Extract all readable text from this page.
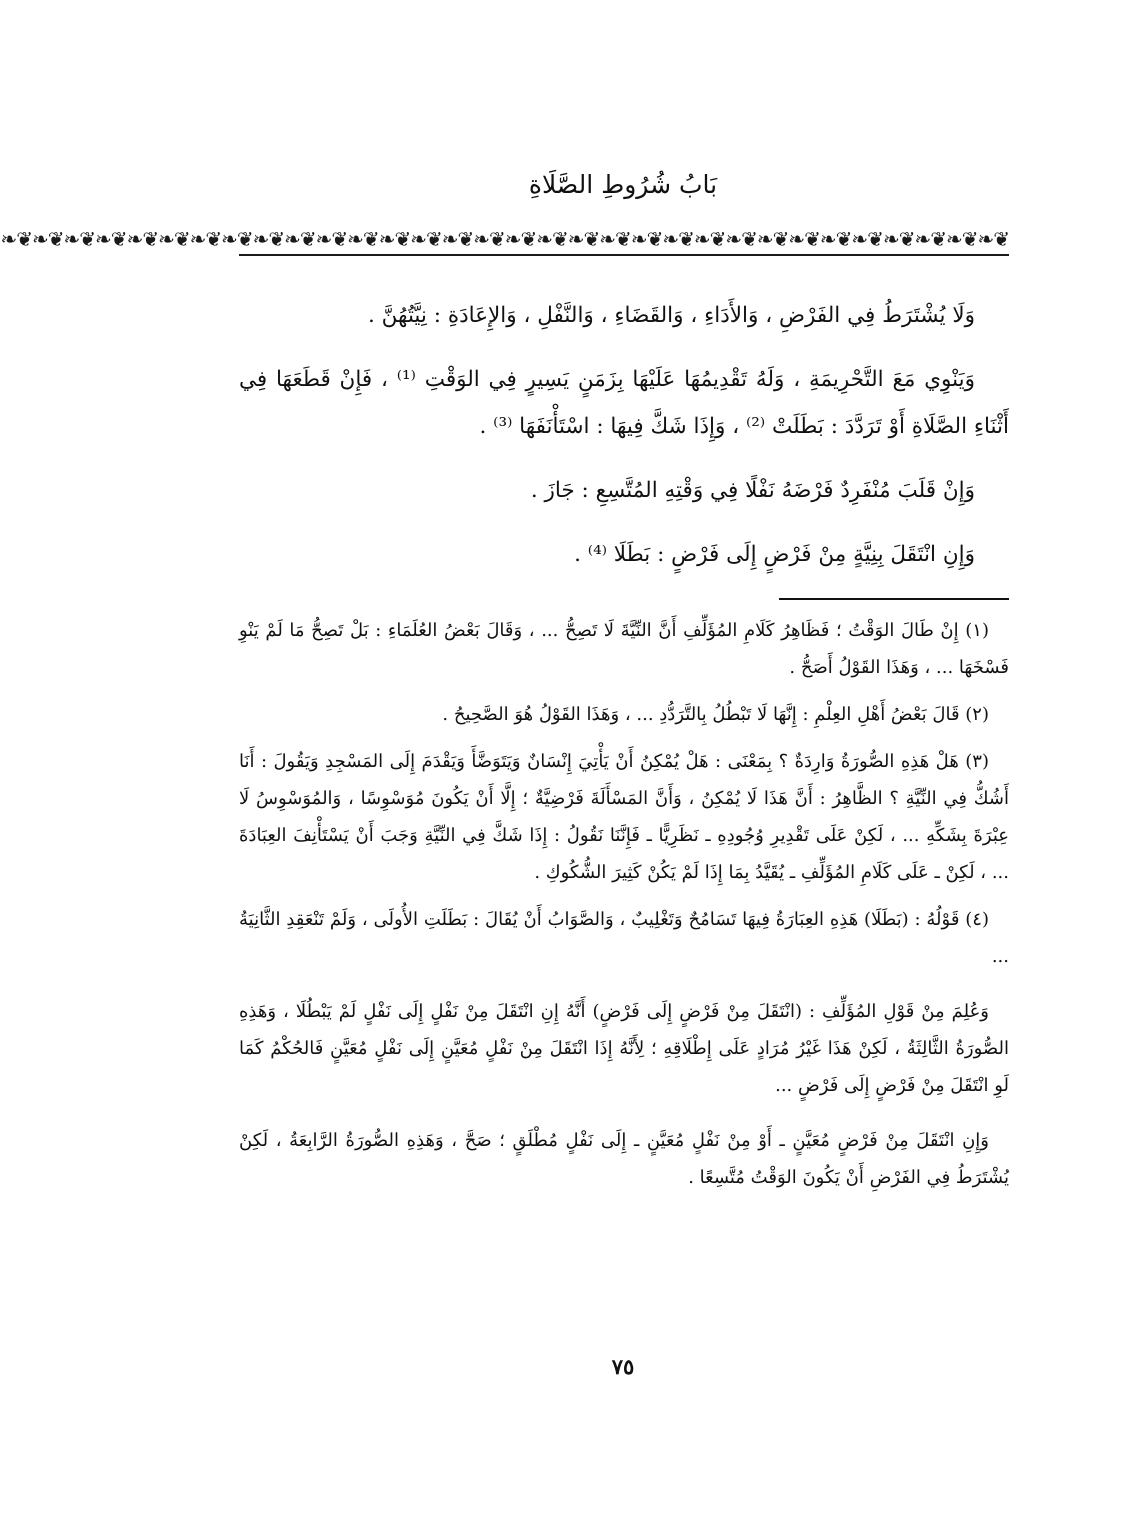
بَابُ شُرُوطِ الصَّلَاةِ
❦❧❦❧❦❧❦❧❦❧❦❧❦❧❦❧❦❧❦❧❦❧❦❧❦❧❦❧❦❧❦❧❦❧❦❧❦❧❦❧❦❧❦❧❦❧❦❧❦❧❦❧❦❧❦❧❦❧❦❧❦❧❦❧

وَلَا يُشْتَرَطُ فِي الفَرْضِ ، وَالأَدَاءِ ، وَالقَضَاءِ ، وَالنَّفْلِ ، وَالإِعَادَةِ : نِيَّتُهُنَّ .

وَيَنْوِي مَعَ التَّحْرِيمَةِ ، وَلَهُ تَقْدِيمُهَا عَلَيْهَا بِزَمَنٍ يَسِيرٍ فِي الوَقْتِ ⁽¹⁾ ، فَإِنْ قَطَعَهَا فِي أَثْنَاءِ الصَّلَاةِ أَوْ تَرَدَّدَ : بَطَلَتْ ⁽²⁾ ، وَإِذَا شَكَّ فِيهَا : اسْتَأْنَفَهَا ⁽³⁾ .

وَإِنْ قَلَبَ مُنْفَرِدٌ فَرْضَهُ نَفْلًا فِي وَقْتِهِ المُتَّسِعِ : جَازَ .

وَإِنِ انْتَقَلَ بِنِيَّةٍ مِنْ فَرْضٍ إِلَى فَرْضٍ : بَطَلَا ⁽⁴⁾ .

(١) إِنْ طَالَ الوَقْتُ ؛ فَظَاهِرُ كَلَامِ المُؤَلِّفِ أَنَّ النِّيَّةَ لَا تَصِحُّ ... ، وَقَالَ بَعْضُ العُلَمَاءِ : بَلْ تَصِحُّ مَا لَمْ يَنْوِ فَسْخَهَا ... ، وَهَذَا القَوْلُ أَصَحُّ .

(٢) قَالَ بَعْضُ أَهْلِ العِلْمِ : إِنَّهَا لَا تَبْطُلُ بِالتَّرَدُّدِ ... ، وَهَذَا القَوْلُ هُوَ الصَّحِيحُ .

(٣) هَلْ هَذِهِ الصُّورَةُ وَارِدَةٌ ؟ بِمَعْنَى : هَلْ يُمْكِنُ أَنْ يَأْتِيَ إِنْسَانٌ وَيَتَوَضَّأَ وَيَقْدَمَ إِلَى المَسْجِدِ وَيَقُولَ : أَنَا أَشُكُّ فِي النِّيَّةِ ؟ الظَّاهِرُ : أَنَّ هَذَا لَا يُمْكِنُ ، وَأَنَّ المَسْأَلَةَ فَرْضِيَّةٌ ؛ إِلَّا أَنْ يَكُونَ مُوَسْوِسًا ، وَالمُوَسْوِسُ لَا عِبْرَةَ بِشَكِّهِ ... ، لَكِنْ عَلَى تَقْدِيرِ وُجُودِهِ ـ نَظَرِيًّا ـ فَإِنَّنَا نَقُولُ : إِذَا شَكَّ فِي النِّيَّةِ وَجَبَ أَنْ يَسْتَأْنِفَ العِبَادَةَ ... ، لَكِنْ ـ عَلَى كَلَامِ المُؤَلِّفِ ـ يُقَيَّدُ بِمَا إِذَا لَمْ يَكُنْ كَثِيرَ الشُّكُوكِ .

(٤) قَوْلُهُ : (بَطَلَا) هَذِهِ العِبَارَةُ فِيهَا تَسَامُحٌ وَتَغْلِيبٌ ، وَالصَّوَابُ أَنْ يُقَالَ : بَطَلَتِ الأُولَى ، وَلَمْ تَنْعَقِدِ الثَّانِيَةُ ...

وَعُلِمَ مِنْ قَوْلِ المُؤَلِّفِ : (انْتَقَلَ مِنْ فَرْضٍ إِلَى فَرْضٍ) أَنَّهُ إِنِ انْتَقَلَ مِنْ نَفْلٍ إِلَى نَفْلٍ لَمْ يَبْطُلَا ، وَهَذِهِ الصُّورَةُ الثَّالِثَةُ ، لَكِنْ هَذَا غَيْرُ مُرَادٍ عَلَى إِطْلَاقِهِ ؛ لِأَنَّهُ إِذَا انْتَقَلَ مِنْ نَفْلٍ مُعَيَّنٍ إِلَى نَفْلٍ مُعَيَّنٍ فَالحُكْمُ كَمَا لَوِ انْتَقَلَ مِنْ فَرْضٍ إِلَى فَرْضٍ ...

وَإِنِ انْتَقَلَ مِنْ فَرْضٍ مُعَيَّنٍ ـ أَوْ مِنْ نَفْلٍ مُعَيَّنٍ ـ إِلَى نَفْلٍ مُطْلَقٍ ؛ صَحَّ ، وَهَذِهِ الصُّورَةُ الرَّابِعَةُ ، لَكِنْ يُشْتَرَطُ فِي الفَرْضِ أَنْ يَكُونَ الوَقْتُ مُتَّسِعًا .

٧٥
